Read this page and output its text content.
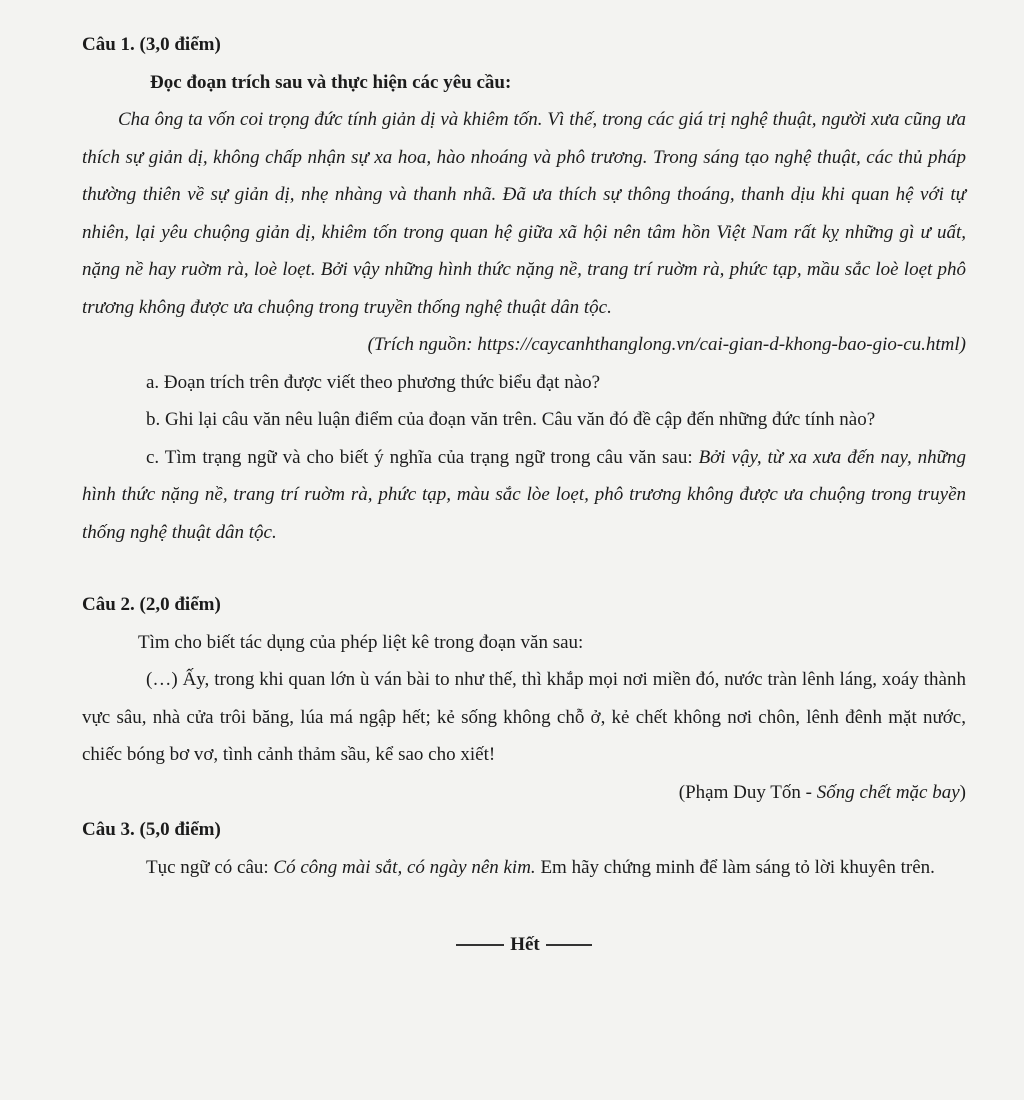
Câu 1. (3,0 điểm)

Đọc đoạn trích sau và thực hiện các yêu cầu:

Cha ông ta vốn coi trọng đức tính giản dị và khiêm tốn. Vì thế, trong các giá trị nghệ thuật, người xưa cũng ưa thích sự giản dị, không chấp nhận sự xa hoa, hào nhoáng và phô trương. Trong sáng tạo nghệ thuật, các thủ pháp thường thiên về sự giản dị, nhẹ nhàng và thanh nhã. Đã ưa thích sự thông thoáng, thanh dịu khi quan hệ với tự nhiên, lại yêu chuộng giản dị, khiêm tốn trong quan hệ giữa xã hội nên tâm hồn Việt Nam rất kỵ những gì ư uất, nặng nề hay ruờm rà, loè loẹt. Bởi vậy những hình thức nặng nề, trang trí ruờm rà, phức tạp, mầu sắc loè loẹt phô trương không được ưa chuộng trong truyền thống nghệ thuật dân tộc.

(Trích nguồn: https://caycanhthanglong.vn/cai-gian-d-khong-bao-gio-cu.html)

a. Đoạn trích trên được viết theo phương thức biểu đạt nào?

b. Ghi lại câu văn nêu luận điểm của đoạn văn trên. Câu văn đó đề cập đến những đức tính nào?

c. Tìm trạng ngữ và cho biết ý nghĩa của trạng ngữ trong câu văn sau: Bởi vậy, từ xa xưa đến nay, những hình thức nặng nề, trang trí ruờm rà, phức tạp, màu sắc lòe loẹt, phô trương không được ưa chuộng trong truyền thống nghệ thuật dân tộc.

Câu 2. (2,0 điểm)

Tìm cho biết tác dụng của phép liệt kê trong đoạn văn sau:

(…) Ấy, trong khi quan lớn ù ván bài to như thế, thì khắp mọi nơi miền đó, nước tràn lênh láng, xoáy thành vực sâu, nhà cửa trôi băng, lúa má ngập hết; kẻ sống không chỗ ở, kẻ chết không nơi chôn, lênh đênh mặt nước, chiếc bóng bơ vơ, tình cảnh thảm sầu, kể sao cho xiết!

(Phạm Duy Tốn - Sống chết mặc bay)

Câu 3. (5,0 điểm)

Tục ngữ có câu: Có công mài sắt, có ngày nên kim. Em hãy chứng minh để làm sáng tỏ lời khuyên trên.

Hết
